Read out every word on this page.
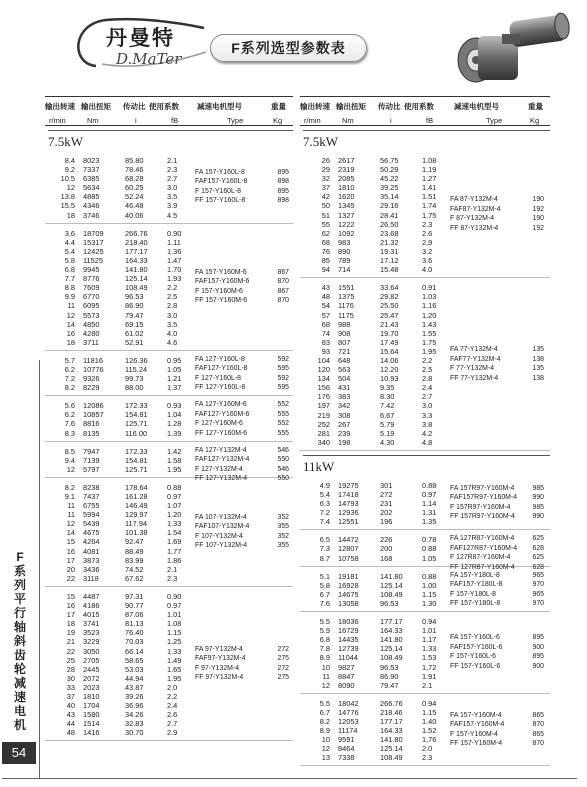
丹曼特
D.MaTer
F系列选型参数表
输出转速 输出扭矩 传动比 使用系数 减速电机型号	重量
r/min	Nm	i	fB	Type	Kg
7.5kW
8.4 8023	85.80	2.1
9.2 7337	78.46	2.3
10.5 6385	68.28	2.7
12 5634	60.25	3.0
13.8 4885	52.24	3.5
15.5 4346	46.48	3.9
18 3746	40.06	4.5
FA 157-Y160L-8	895
FAF157-Y160L-8	898
F 157-Y160L-8	895
FF 157-Y160L-8	898
3.6 18709	266.76	0.90
4.4 15317	218.40	1.11
5.4 12425	177.17	1.36
5.8 11525	164.33	1.47
6.8 9945	141.80	1.70
7.7 8776	125.14	1.93
8.8 7609	108.49	2.2
9.9 6770	96.53	2.5
11 6095	86.90	2.8
12 5573	79.47	3.0
14 4850	69.15	3.5
16 4280	61.02	4.0
18 3711	52.91	4.6
FA 157-Y160M-6	867
FAF157-Y160M-6	870
F 157-Y160M-6	867
FF 157-Y160M-6	870
5.7 11816	126.36	0.95
6.2 10776	115.24	1.05
7.2 9326	99.73	1.21
8.2 8229	88.00	1.37
FA 127-Y160L-8	592
FAF127-Y160L-8	595
F 127-Y160L-8	592
FF 127-Y160L-8	595
5.6 12086	172.33	0.93
6.2 10857	154.81	1.04
7.6 8816	125.71	1.28
8.3 8135	116.00	1.39
FA 127-Y160M-6	552
FAF127-Y160M-6	555
F 127-Y160M-6	552
FF 127-Y160M-6	555
8.5 7947	172.33	1.42
9.4 7139	154.81	1.58
12 5797	125.71	1.95
FA 127-Y132M-4	546
FAF127-Y132M-4	550
F 127-Y132M-4	546
FF 127-Y132M-4	550
8.2 8238	178.64	0.88
9.1 7437	161.28	0.97
11 6755	146.49	1.07
11 5994	129.97	1.20
12 5439	117.94	1.33
14 4675	101.38	1.54
15 4264	92.47	1.69
16 4081	88.49	1.77
17 3873	83.99	1.86
20 3436	74.52	2.1
22 3118	67.62	2.3
FA 107-Y132M-4	352
FAF107-Y132M-4	355
F 107-Y132M-4	352
FF 107-Y132M-4	355
15 4487	97.31	0.90
16 4186	90.77	0.97
17 4015	87.06	1.01
18 3741	81.13	1.08
19 3523	76.40	1.15
21 3229	70.03	1.25
22 3050	66.14	1.33
25 2705	58.65	1.49
28 2445	53.03	1.65
30 2072	44.94	1.95
33 2023	43.87	2.0
37 1810	39.26	2.2
40 1704	36.96	2.4
43 1580	34.26	2.6
44 1514	32.83	2.7
48 1416	30.70	2.9
FA 97-Y132M-4	272
FAF97-Y132M-4	275
F 97-Y132M-4	272
FF 97-Y132M-4	275
输出转速 输出扭矩 传动比 使用系数	减速电机型号	重量
r/min	Nm	i	fB	Type	Kg
7.5kW
26 2617	56.75	1.08
29 2319	50.29	1.19
32 2085	45.22	1.27
37 1810	39.25	1.41
42 1620	35.14	1.51
50 1345	29.16	1.74
51 1327	28.41	1.75
55 1222	26.50	2.3
62 1092	23.68	2.6
68 983	21.32	2.9
76 890	19.31	3.2
85 789	17.12	3.6
94 714	15.48	4.0
FA 87-Y132M-4	190
FAF87-Y132M-4	192
F 87-Y132M-4	190
FF 87-Y132M-4	192
43 1551	33.64	0.91
48 1375	29.82	1.03
54 1176	25.50	1.16
57 1175	25.47	1.20
68 988	21.43	1.43
74 908	19.70	1.55
83 807	17.49	1.75
93 721	15.64	1.95
104 648	14.06	2.2
120 563	12.20	2.5
134 504	10.93	2.8
156 431	9.35	2.4
176 383	8.30	2.7
197 342	7.42	3.0
219 308	6.67	3.3
252 267	5.79	3.8
281 239	5.19	4.2
340 198	4.30	4.8
FA 77-Y132M-4	135
FAF77-Y132M-4	138
F 77-Y132M-4	135
FF 77-Y132M-4	138
11kW
4.9 19275	301	0.88
5.4 17418	272	0.97
6.3 14793	231	1.14
7.2 12936	202	1.31
7.4 12551	196	1.35
FA 157R97-Y160M-4	985
FAF157R97-Y160M-4 990
F 157R97-Y160M-4	985
FF 157R97-Y160M-4	990
6.5 14472	226	0.78
7.3 12807	200	0.88
8.7 10758	168	1.05
FA 127R87-Y160M-4	625
FAF127R87-Y160M-4 628
F 127R87-Y160M-4	625
FF 127R87-Y160M-4	628
5.1 19181	141.80	0.88
5.8 16928	125.14	1.00
6.7 14675	108.49	1.15
7.6 13058	96.53	1.30
FA 157-Y180L-8	965
FAF157-Y180L-8	970
F 157-Y180L-8	965
FF 157-Y180L-8	970
5.5 18036	177.17	0.94
5.9 16729	164.33	1.01
6.8 14435	141.80	1.17
7.8 12739	125.14	1.33
8.9 11044	108.49	1.53
10 9827	96.53	1.72
11 8847	86.90	1.91
12 8090	79.47	2.1
FA 157-Y160L-6	895
FAF157-Y160L-6	900
F 157-Y160L-6	895
FF 157-Y160L-6	900
5.5 18042	266.76	0.94
6.7 14776	218.46	1.15
8.2 12053	177.17	1.40
8.9 11174	164.33	1.52
10 9591	141.80	1.76
12 8464	125.14	2.0
13 7338	108.49	2.3
FA 157-Y160M-4	865
FAF157-Y160M-4	870
F 157-Y160M-4	865
FF 157-Y160M-4	870
F系列平行轴斜齿轮减速电机
54
